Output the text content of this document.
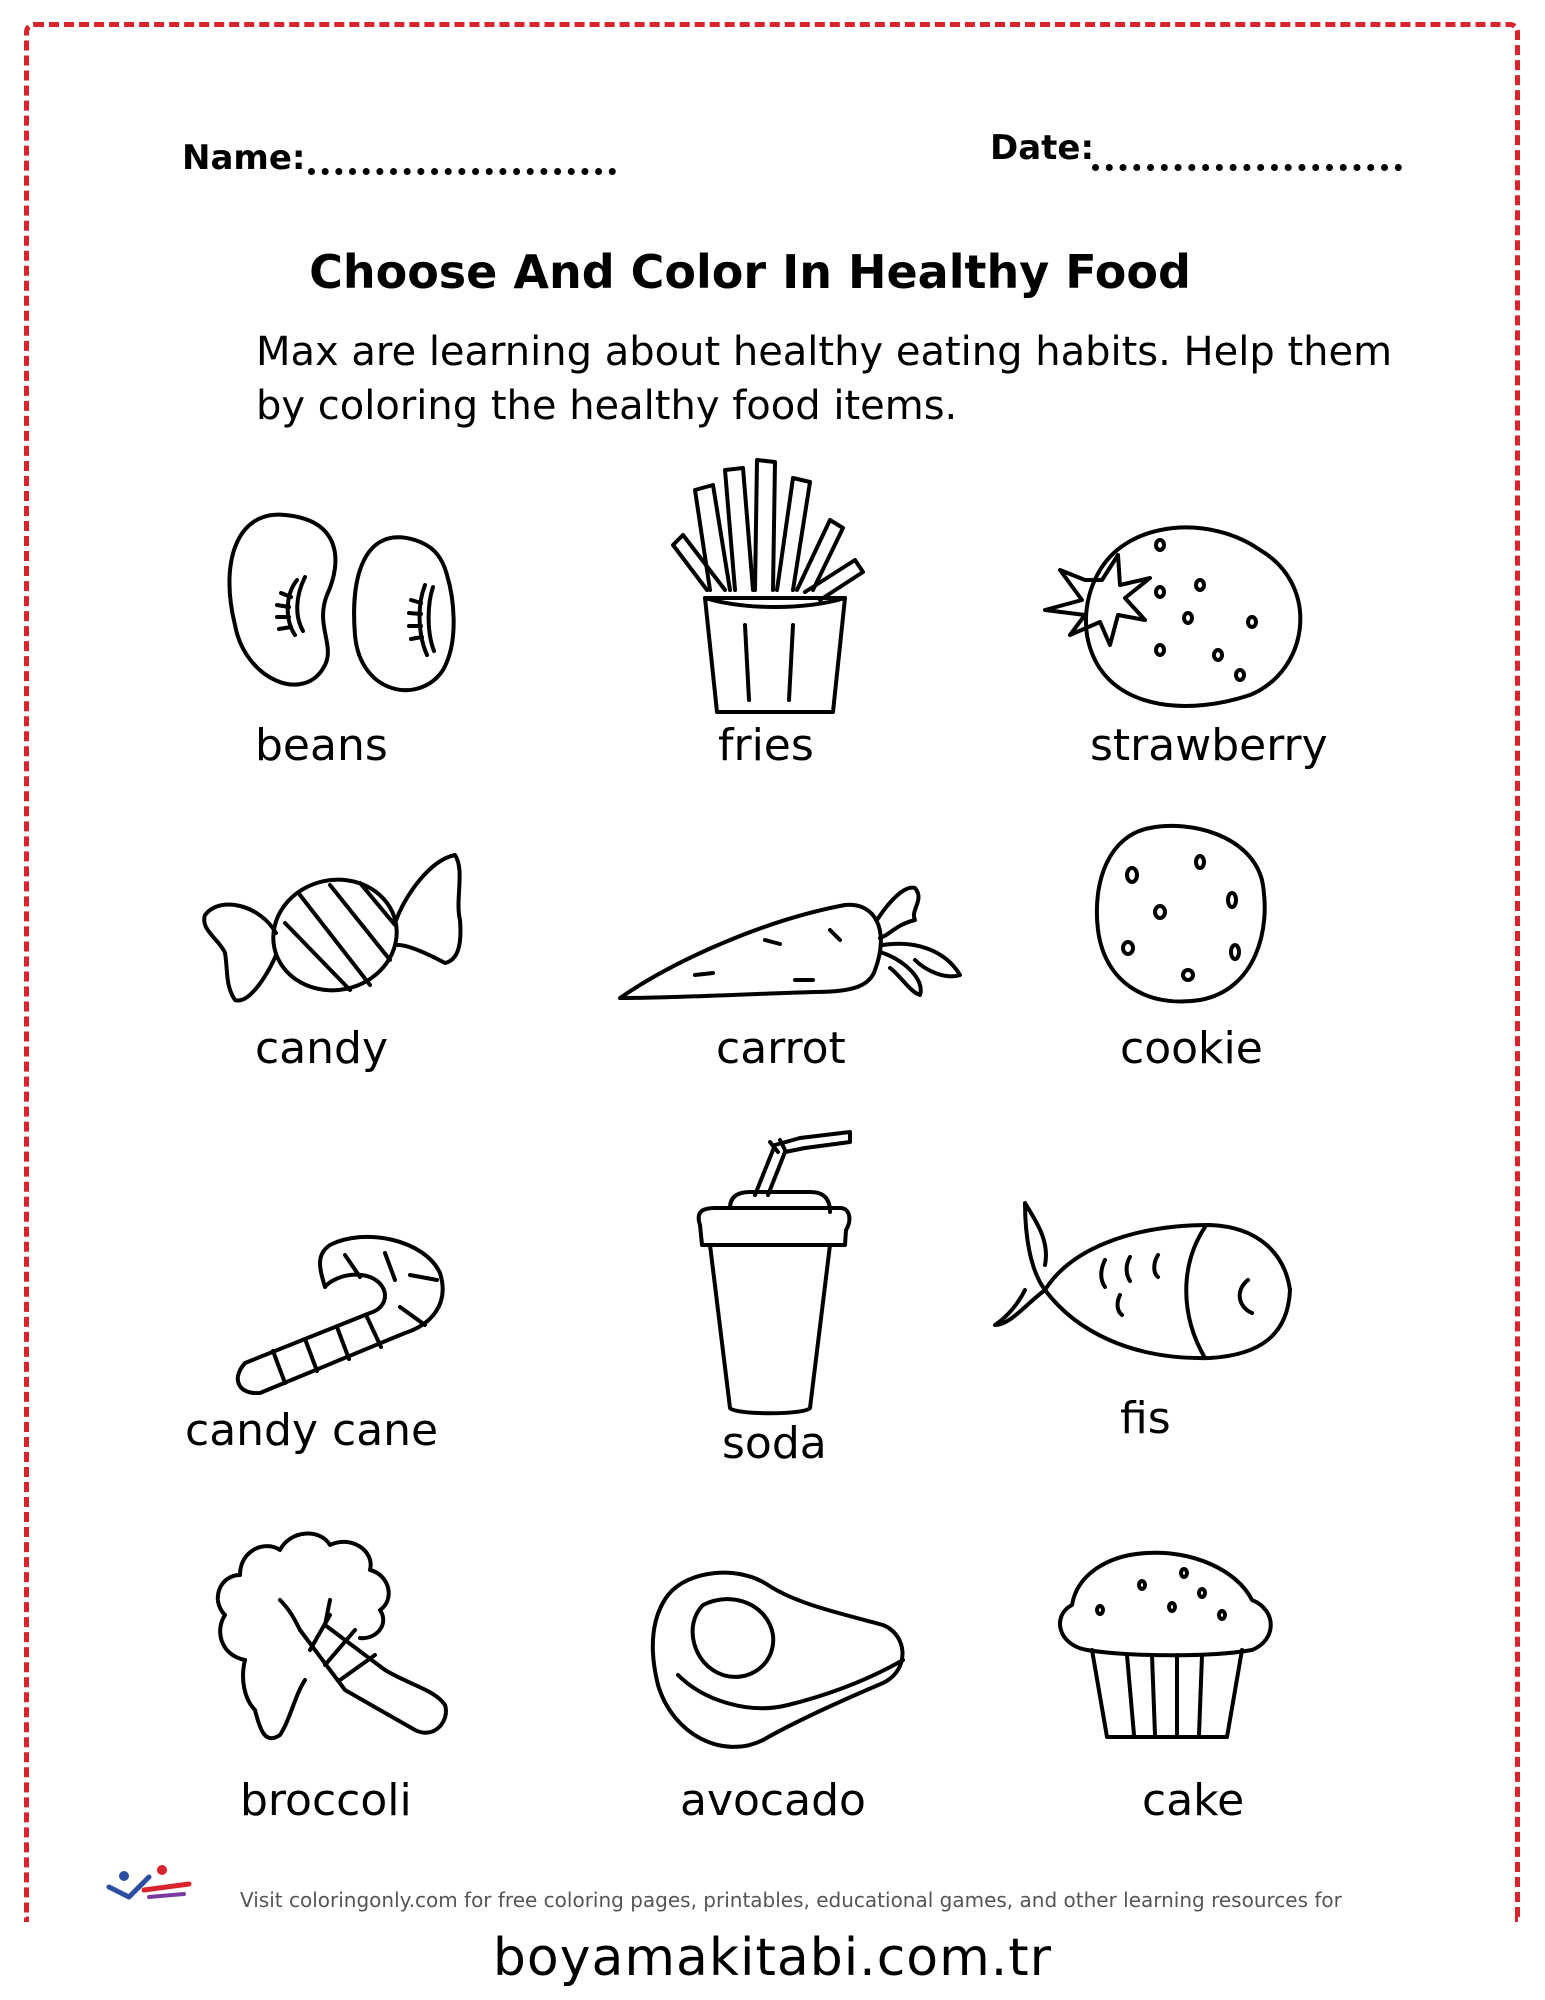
Name:	Date:
Choose And Color In Healthy Food
Max are learning about healthy eating habits. Help them by coloring the healthy food items.
beans	fries	strawberry
candy	carrot	cookie
candy cane	soda	fis
broccoli	avocado	cake
Visit coloringonly.com for free coloring pages, printables, educational games, and other learning resources for
boyamakitabi.com.tr
